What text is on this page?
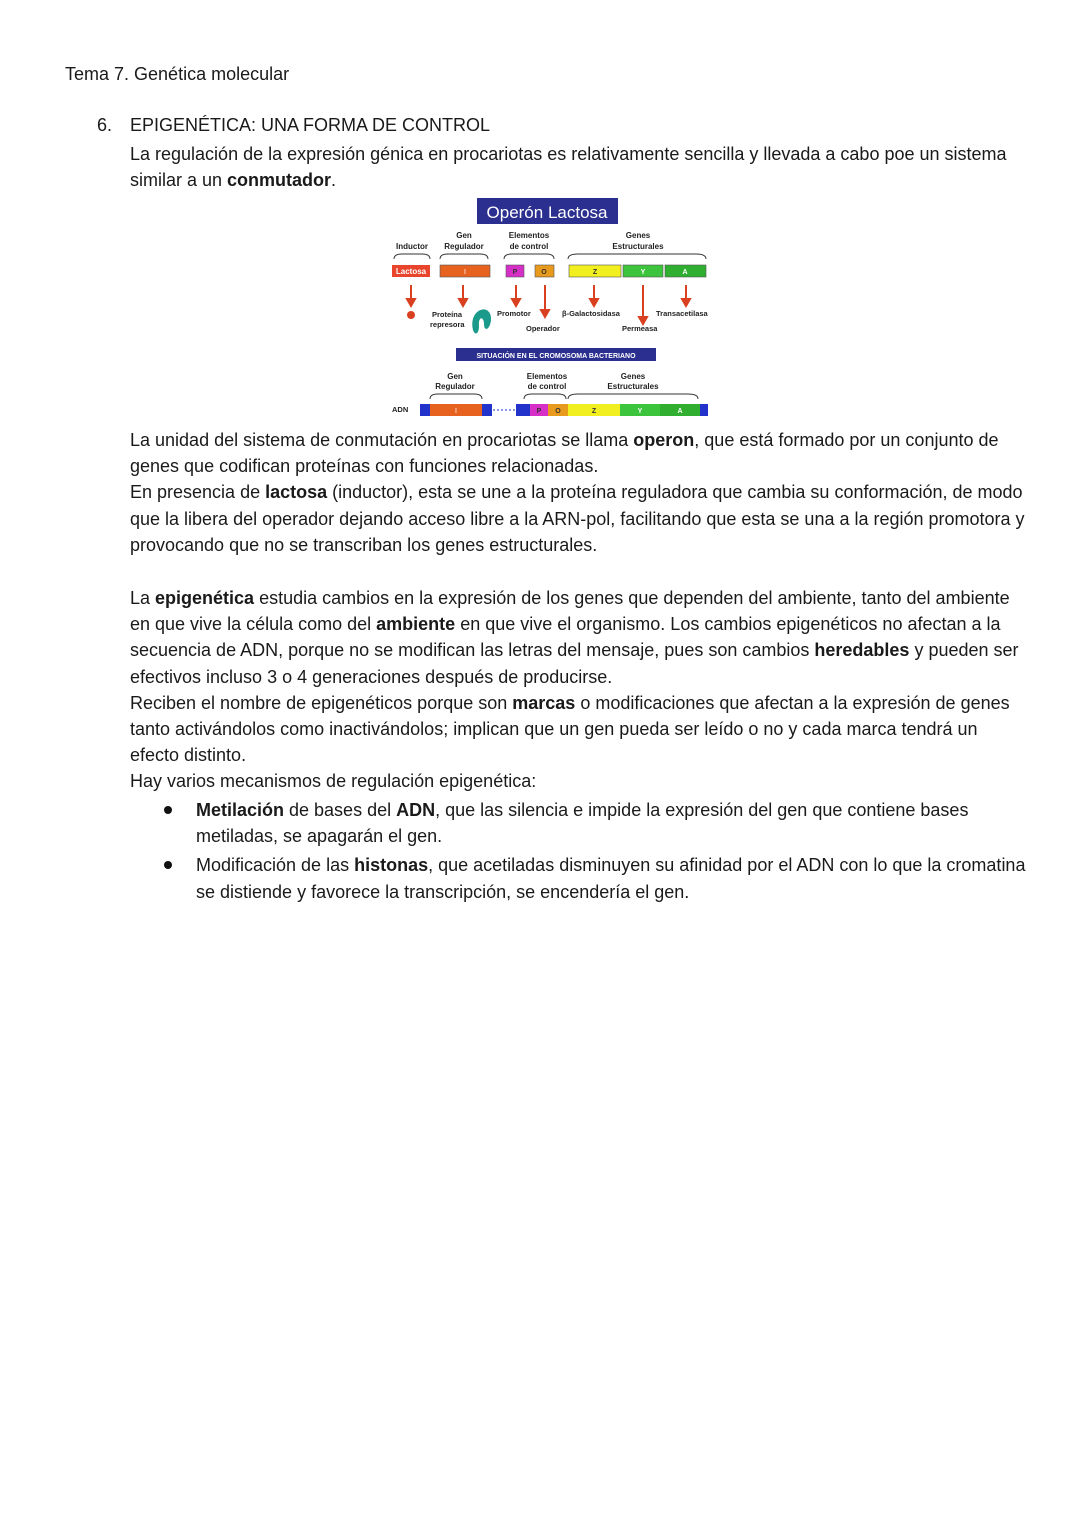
Tema 7. Genética molecular
6. EPIGENÉTICA: UNA FORMA DE CONTROL
La regulación de la expresión génica en procariotas es relativamente sencilla y llevada a cabo poe un sistema similar a un conmutador.
Operón Lactosa
Gen
Inductor Regulador
Elementos
de control
Genes
Estructurales
Lactosa	I	P	O	Z	Y	A
Proteína
represora
Promotor
Operador
β-Galactosidasa
Permeasa
Transacetilasa
SITUACIÓN EN EL CROMOSOMA BACTERIANO
Gen
Regulador
Elementos
de control
Genes
Estructurales
ADN	I	P O	Z	Y	A
La unidad del sistema de conmutación en procariotas se llama operon, que está formado por un conjunto de genes que codifican proteínas con funciones relacionadas.
En presencia de lactosa (inductor), esta se une a la proteína reguladora que cambia su conformación, de modo que la libera del operador dejando acceso libre a la ARN-pol, facilitando que esta se una a la región promotora y provocando que no se transcriban los genes estructurales.
La epigenética estudia cambios en la expresión de los genes que dependen del ambiente, tanto del ambiente en que vive la célula como del ambiente en que vive el organismo. Los cambios epigenéticos no afectan a la secuencia de ADN, porque no se modifican las letras del mensaje, pues son cambios heredables y pueden ser efectivos incluso 3 o 4 generaciones después de producirse.
Reciben el nombre de epigenéticos porque son marcas o modificaciones que afectan a la expresión de genes tanto activándolos como inactivándolos; implican que un gen pueda ser leído o no y cada marca tendrá un efecto distinto.
Hay varios mecanismos de regulación epigenética:
Metilación de bases del ADN, que las silencia e impide la expresión del gen que contiene bases metiladas, se apagarán el gen.
Modificación de las histonas, que acetiladas disminuyen su afinidad por el ADN con lo que la cromatina se distiende y favorece la transcripción, se encendería el gen.
